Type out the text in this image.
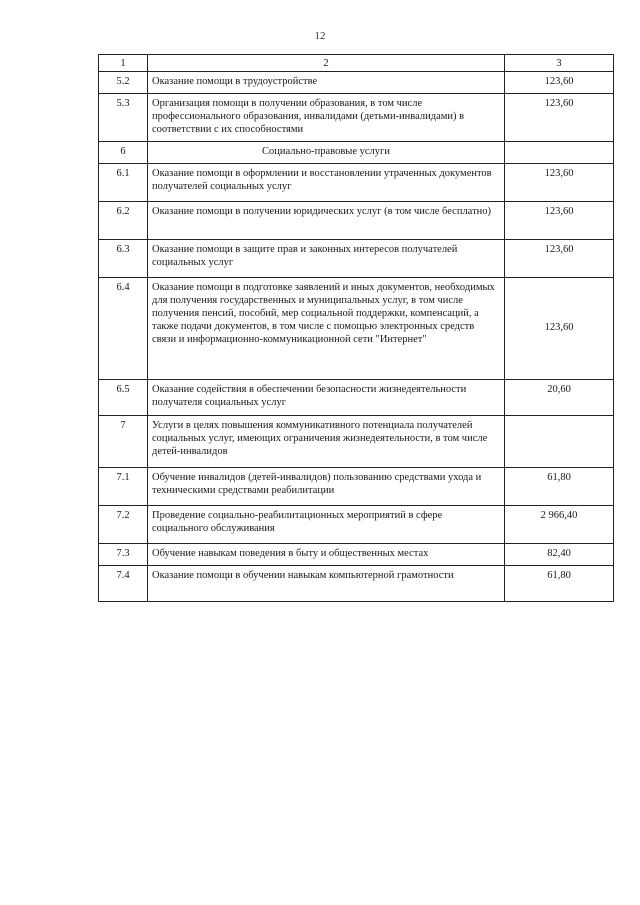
12
1	2	3
5.2	Оказание помощи в трудоустройстве	123,60
5.3	Организация помощи в получении образования, в том числе профессионального образования, инвалидами (детьми-инвалидами) в соответствии с их способностями	123,60
6	Социально-правовые услуги	
6.1	Оказание помощи в оформлении и восстановлении утраченных документов получателей социальных услуг	123,60
6.2	Оказание помощи в получении юридических услуг (в том числе бесплатно)	123,60
6.3	Оказание помощи в защите прав и законных интересов получателей социальных услуг	123,60
6.4	Оказание помощи в подготовке заявлений и иных документов, необходимых для получения государственных и муниципальных услуг, в том числе получения пенсий, пособий, мер социальной поддержки, компенсаций, а также подачи документов, в том числе с помощью электронных средств связи и информационно-коммуникационной сети "Интернет"	123,60
6.5	Оказание содействия в обеспечении безопасности жизнедеятельности получателя социальных услуг	20,60
7	Услуги в целях повышения коммуникативного потенциала получателей социальных услуг, имеющих ограничения жизнедеятельности, в том числе детей-инвалидов	
7.1	Обучение инвалидов (детей-инвалидов) пользованию средствами ухода и техническими средствами реабилитации	61,80
7.2	Проведение социально-реабилитационных мероприятий в сфере социального обслуживания	2 966,40
7.3	Обучение навыкам поведения в быту и общественных местах	82,40
7.4	Оказание помощи в обучении навыкам компьютерной грамотности	61,80
